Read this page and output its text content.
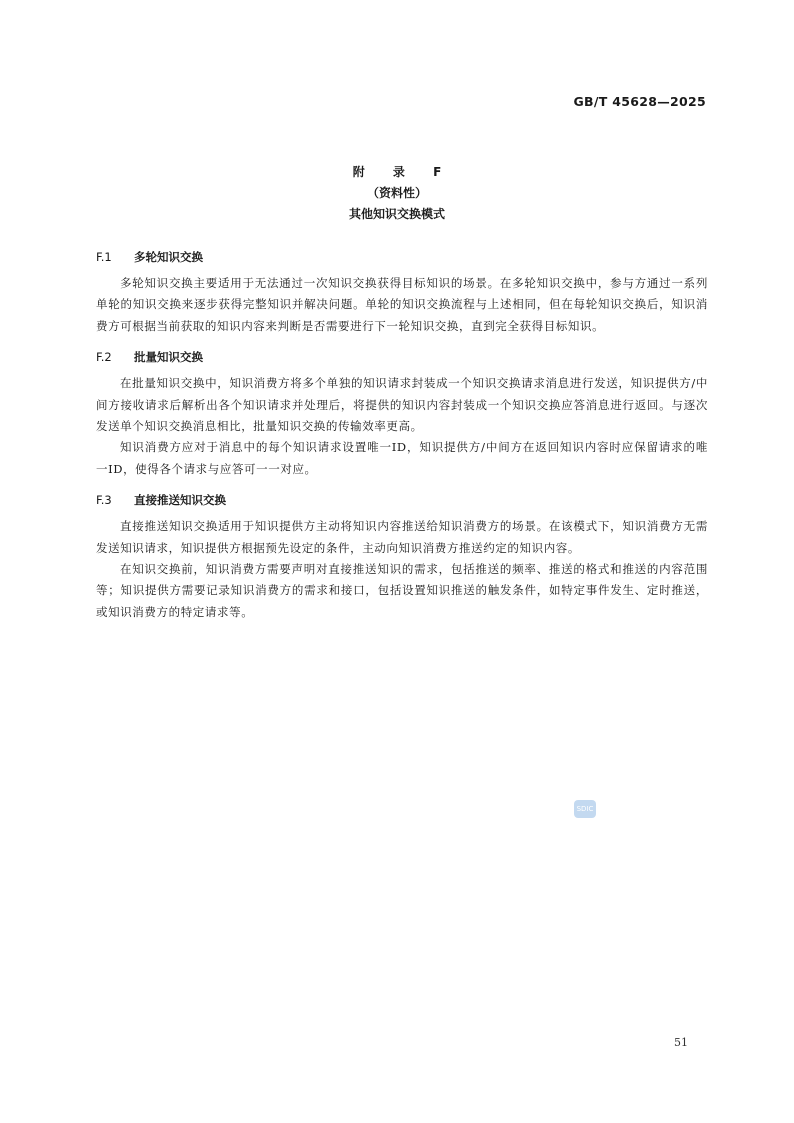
GB/T 45628—2025
附 录 F
（资料性）
其他知识交换模式
F.1 多轮知识交换

多轮知识交换主要适用于无法通过一次知识交换获得目标知识的场景。在多轮知识交换中，参与方通过一系列单轮的知识交换来逐步获得完整知识并解决问题。单轮的知识交换流程与上述相同，但在每轮知识交换后，知识消费方可根据当前获取的知识内容来判断是否需要进行下一轮知识交换，直到完全获得目标知识。

F.2 批量知识交换

在批量知识交换中，知识消费方将多个单独的知识请求封装成一个知识交换请求消息进行发送，知识提供方/中间方接收请求后解析出各个知识请求并处理后，将提供的知识内容封装成一个知识交换应答消息进行返回。与逐次发送单个知识交换消息相比，批量知识交换的传输效率更高。

知识消费方应对于消息中的每个知识请求设置唯一ID，知识提供方/中间方在返回知识内容时应保留请求的唯一ID，使得各个请求与应答可一一对应。

F.3 直接推送知识交换

直接推送知识交换适用于知识提供方主动将知识内容推送给知识消费方的场景。在该模式下，知识消费方无需发送知识请求，知识提供方根据预先设定的条件，主动向知识消费方推送约定的知识内容。

在知识交换前，知识消费方需要声明对直接推送知识的需求，包括推送的频率、推送的格式和推送的内容范围等；知识提供方需要记录知识消费方的需求和接口，包括设置知识推送的触发条件，如特定事件发生、定时推送，或知识消费方的特定请求等。

SDIC
51
